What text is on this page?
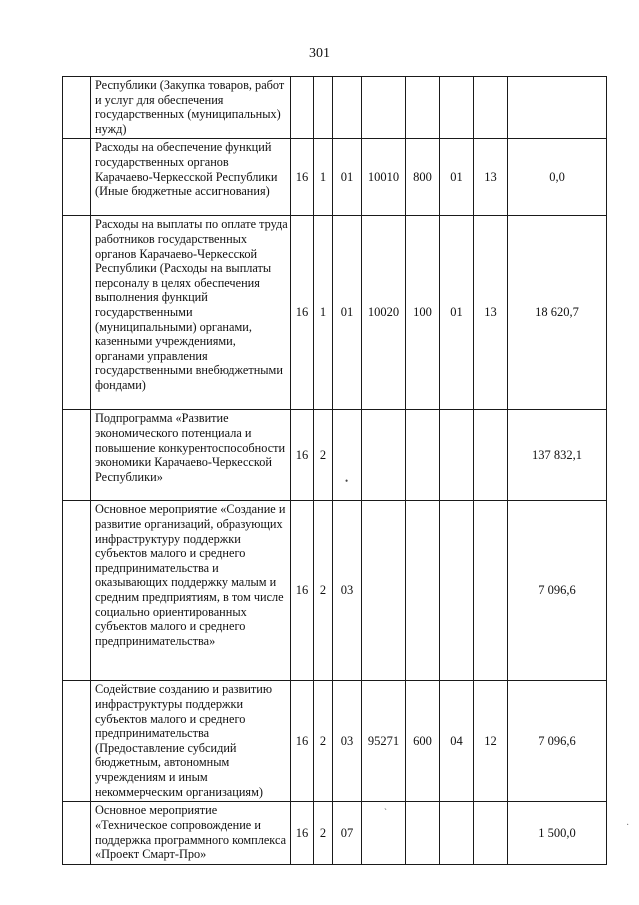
301
	Республики (Закупка товаров, работ и услуг для обеспечения государственных (муниципальных) нужд)								
	Расходы на обеспечение функций государственных органов Карачаево-Черкесской Республики (Иные бюджетные ассигнования)	16	1	01	10010	800	01	13	0,0
	Расходы на выплаты по оплате труда работников государственных органов Карачаево-Черкесской Республики (Расходы на выплаты персоналу в целях обеспечения выполнения функций государственными (муниципальными) органами, казенными учреждениями, органами управления государственными внебюджетными фондами)	16	1	01	10020	100	01	13	18 620,7
	Подпрограмма «Развитие экономического потенциала и повышение конкурентоспособности экономики Карачаево-Черкесской Республики»	16	2						137 832,1
	Основное мероприятие «Создание и развитие организаций, образующих инфраструктуру поддержки субъектов малого и среднего предпринимательства и оказывающих поддержку малым и средним предприятиям, в том числе социально ориентированных субъектов малого и среднего предпринимательства»	16	2	03					7 096,6
	Содействие созданию и развитию инфраструктуры поддержки субъектов малого и среднего предпринимательства (Предоставление субсидий бюджетным, автономным учреждениям и иным некоммерческим организациям)	16	2	03	95271	600	04	12	7 096,6
	Основное мероприятие «Техническое сопровождение и поддержка программного комплекса «Проект Смарт-Про»	16	2	07					1 500,0
•
`
·
